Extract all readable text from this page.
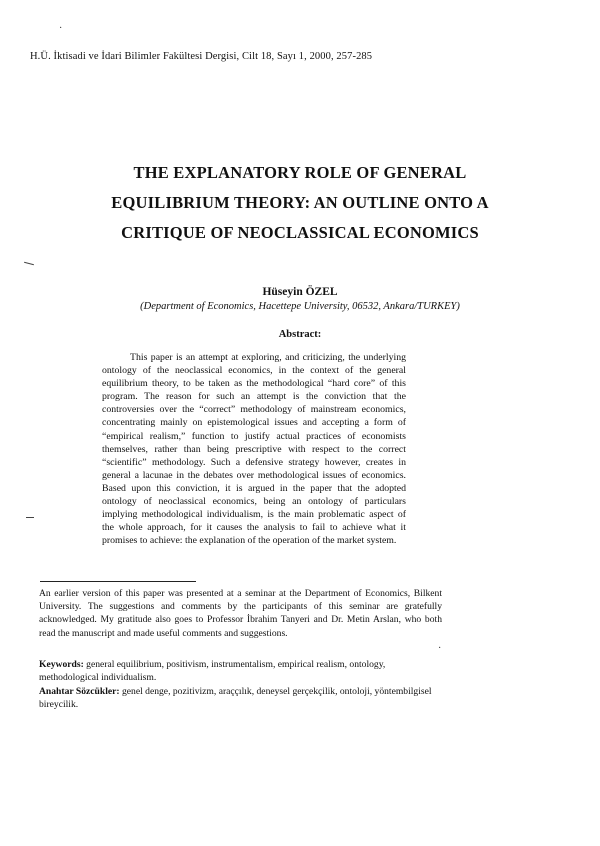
H.Ü. İktisadi ve İdari Bilimler Fakültesi Dergisi, Cilt 18, Sayı 1, 2000, 257-285
THE EXPLANATORY ROLE OF GENERAL
EQUILIBRIUM THEORY: AN OUTLINE ONTO A
CRITIQUE OF NEOCLASSICAL ECONOMICS
Hüseyin ÖZEL
(Department of Economics, Hacettepe University, 06532, Ankara/TURKEY)
Abstract:

This paper is an attempt at exploring, and criticizing, the underlying ontology of the neoclassical economics, in the context of the general equilibrium theory, to be taken as the methodological “hard core” of this program. The reason for such an attempt is the conviction that the controversies over the “correct” methodology of mainstream economics, concentrating mainly on epistemological issues and accepting a form of “empirical realism,” function to justify actual practices of economists themselves, rather than being prescriptive with respect to the correct “scientific” methodology. Such a defensive strategy however, creates in general a lacunae in the debates over methodological issues of economics. Based upon this conviction, it is argued in the paper that the adopted ontology of neoclassical economics, being an ontology of particulars implying methodological individualism, is the main problematic aspect of the whole approach, for it causes the analysis to fail to achieve what it promises to achieve: the explanation of the operation of the market system.

An earlier version of this paper was presented at a seminar at the Department of Economics, Bilkent University. The suggestions and comments by the participants of this seminar are gratefully acknowledged. My gratitude also goes to Professor İbrahim Tanyeri and Dr. Metin Arslan, who both read the manuscript and made useful comments and suggestions.

Keywords: general equilibrium, positivism, instrumentalism, empirical realism, ontology, methodological individualism.

Anahtar Sözcükler: genel denge, pozitivizm, araççılık, deneysel gerçekçilik, ontoloji, yöntembilgisel bireycilik.

·
·
